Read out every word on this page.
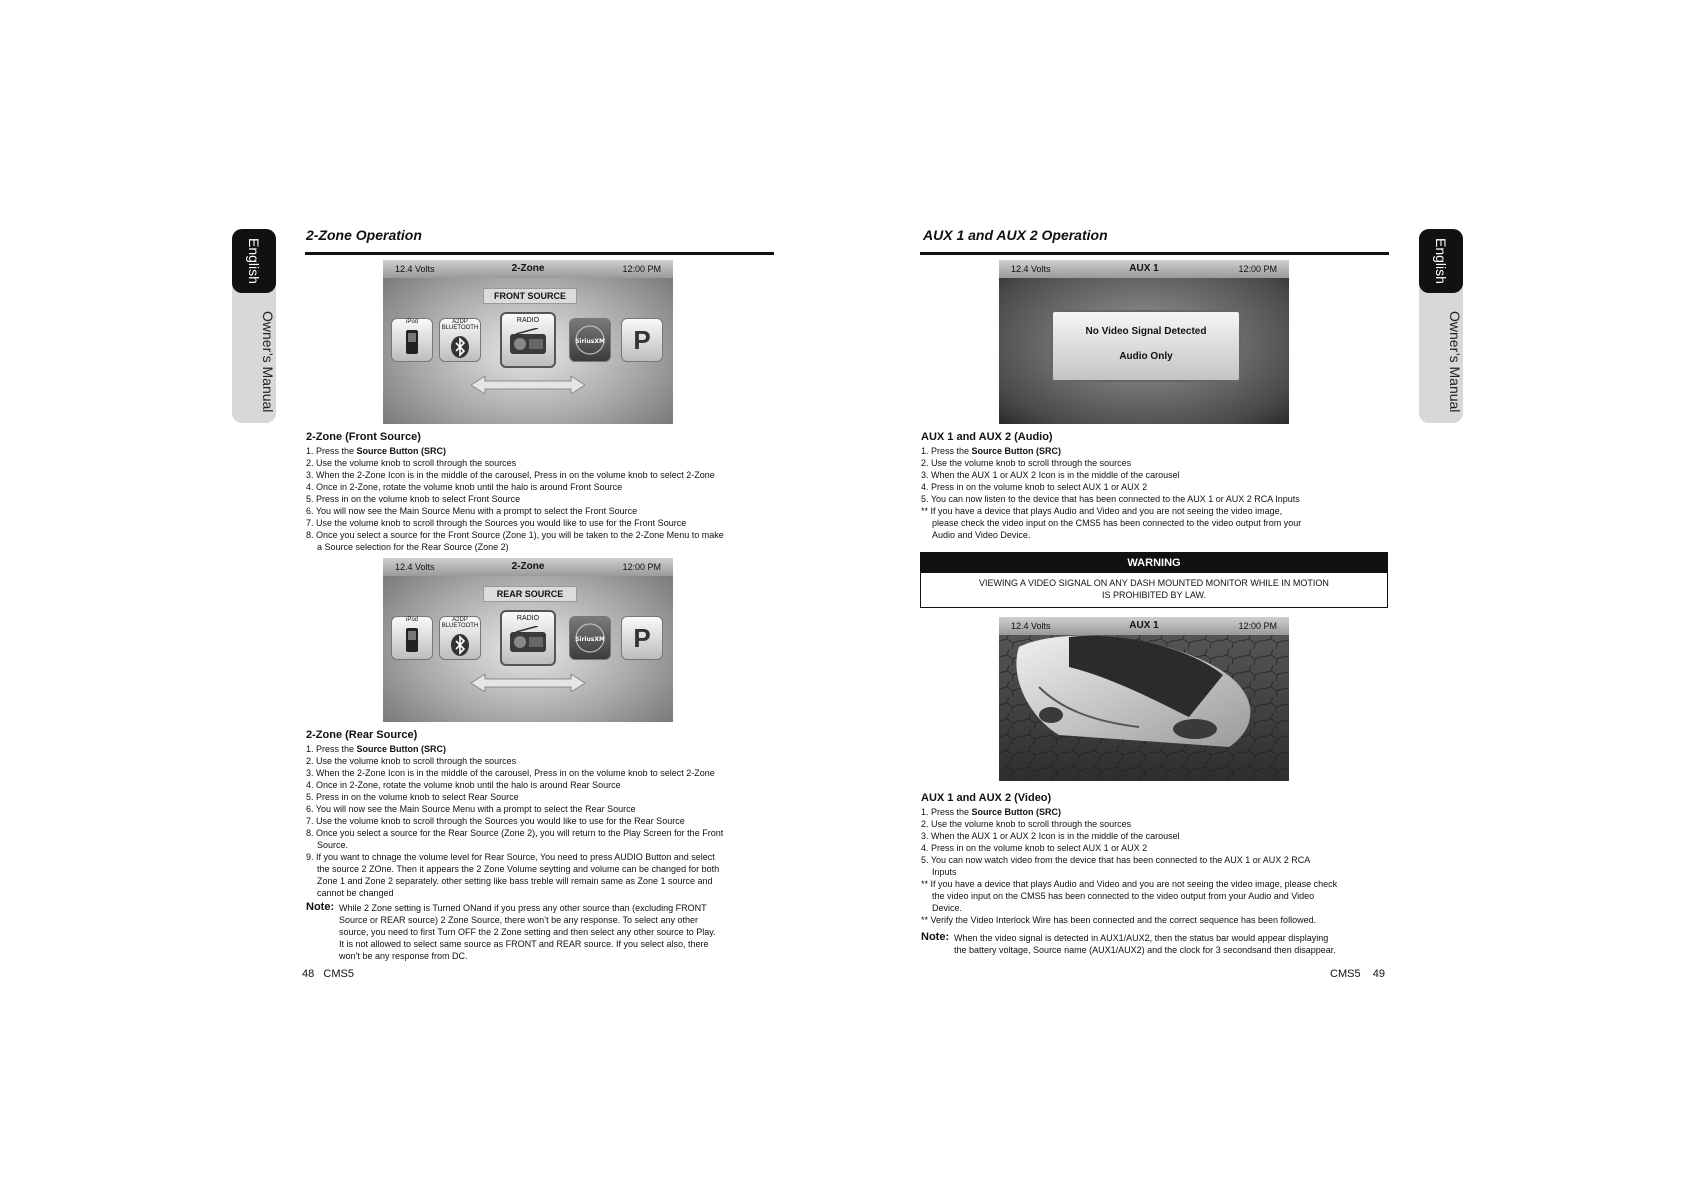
English
Owner’s Manual
2-Zone Operation
12.4 Volts	2-Zone	12:00 PM
FRONT SOURCE
iPod	A2DP BLUETOOTH
RADIO
SiriusXM	P
2-Zone (Front Source)
1. Press the Source Button (SRC)
2. Use the volume knob to scroll through the sources
3. When the 2-Zone Icon is in the middle of the carousel, Press in on the volume knob to select 2-Zone
4. Once in 2-Zone, rotate the volume knob until the halo is around Front Source
5. Press in on the volume knob to select Front Source
6. You will now see the Main Source Menu with a prompt to select the Front Source
7. Use the volume knob to scroll through the Sources you would like to use for the Front Source
8. Once you select a source for the Front Source (Zone 1), you will be taken to the 2-Zone Menu to make
a Source selection for the Rear Source (Zone 2)
12.4 Volts	2-Zone	12:00 PM
REAR SOURCE
iPod	A2DP BLUETOOTH
RADIO
SiriusXM	P
2-Zone (Rear Source)
1. Press the Source Button (SRC)
2. Use the volume knob to scroll through the sources
3. When the 2-Zone Icon is in the middle of the carousel, Press in on the volume knob to select 2-Zone
4. Once in 2-Zone, rotate the volume knob until the halo is around Rear Source
5. Press in on the volume knob to select Rear Source
6. You will now see the Main Source Menu with a prompt to select the Rear Source
7. Use the volume knob to scroll through the Sources you would like to use for the Rear Source
8. Once you select a source for the Rear Source (Zone 2), you will return to the Play Screen for the Front
Source.
9. If you want to chnage the volume level for Rear Source, You need to press AUDIO Button and select
the source 2 ZOne. Then it appears the 2 Zone Volume seytting and volume can be changed for both
Zone 1 and Zone 2 separately. other setting like bass treble will remain same as Zone 1 source and
cannot be changed
Note: While 2 Zone setting is Turned ONand if you press any other source than (excluding FRONT
Source or REAR source) 2 Zone Source, there won’t be any response. To select any other
source, you need to first Turn OFF the 2 Zone setting and then select any other source to Play.
It is not allowed to select same source as FRONT and REAR source. If you select also, there
won’t be any response from DC.
48 CMS5
AUX 1 and AUX 2 Operation
English
Owner’s Manual
12.4 Volts	AUX 1	12:00 PM
No Video Signal Detected
Audio Only
AUX 1 and AUX 2 (Audio)
1. Press the Source Button (SRC)
2. Use the volume knob to scroll through the sources
3. When the AUX 1 or AUX 2 Icon is in the middle of the carousel
4. Press in on the volume knob to select AUX 1 or AUX 2
5. You can now listen to the device that has been connected to the AUX 1 or AUX 2 RCA Inputs
** If you have a device that plays Audio and Video and you are not seeing the video image,
please check the video input on the CMS5 has been connected to the video output from your
Audio and Video Device.
WARNING
VIEWING A VIDEO SIGNAL ON ANY DASH MOUNTED MONITOR WHILE IN MOTION
IS PROHIBITED BY LAW.
12.4 Volts	AUX 1	12:00 PM
AUX 1 and AUX 2 (Video)
1. Press the Source Button (SRC)
2. Use the volume knob to scroll through the sources
3. When the AUX 1 or AUX 2 Icon is in the middle of the carousel
4. Press in on the volume knob to select AUX 1 or AUX 2
5. You can now watch video from the device that has been connected to the AUX 1 or AUX 2 RCA
Inputs
** If you have a device that plays Audio and Video and you are not seeing the video image, please check
the video input on the CMS5 has been connected to the video output from your Audio and Video
Device.
** Verify the Video Interlock Wire has been connected and the correct sequence has been followed.
Note: When the video signal is detected in AUX1/AUX2, then the status bar would appear displaying
the battery voltage, Source name (AUX1/AUX2) and the clock for 3 secondsand then disappear.
CMS5 49
